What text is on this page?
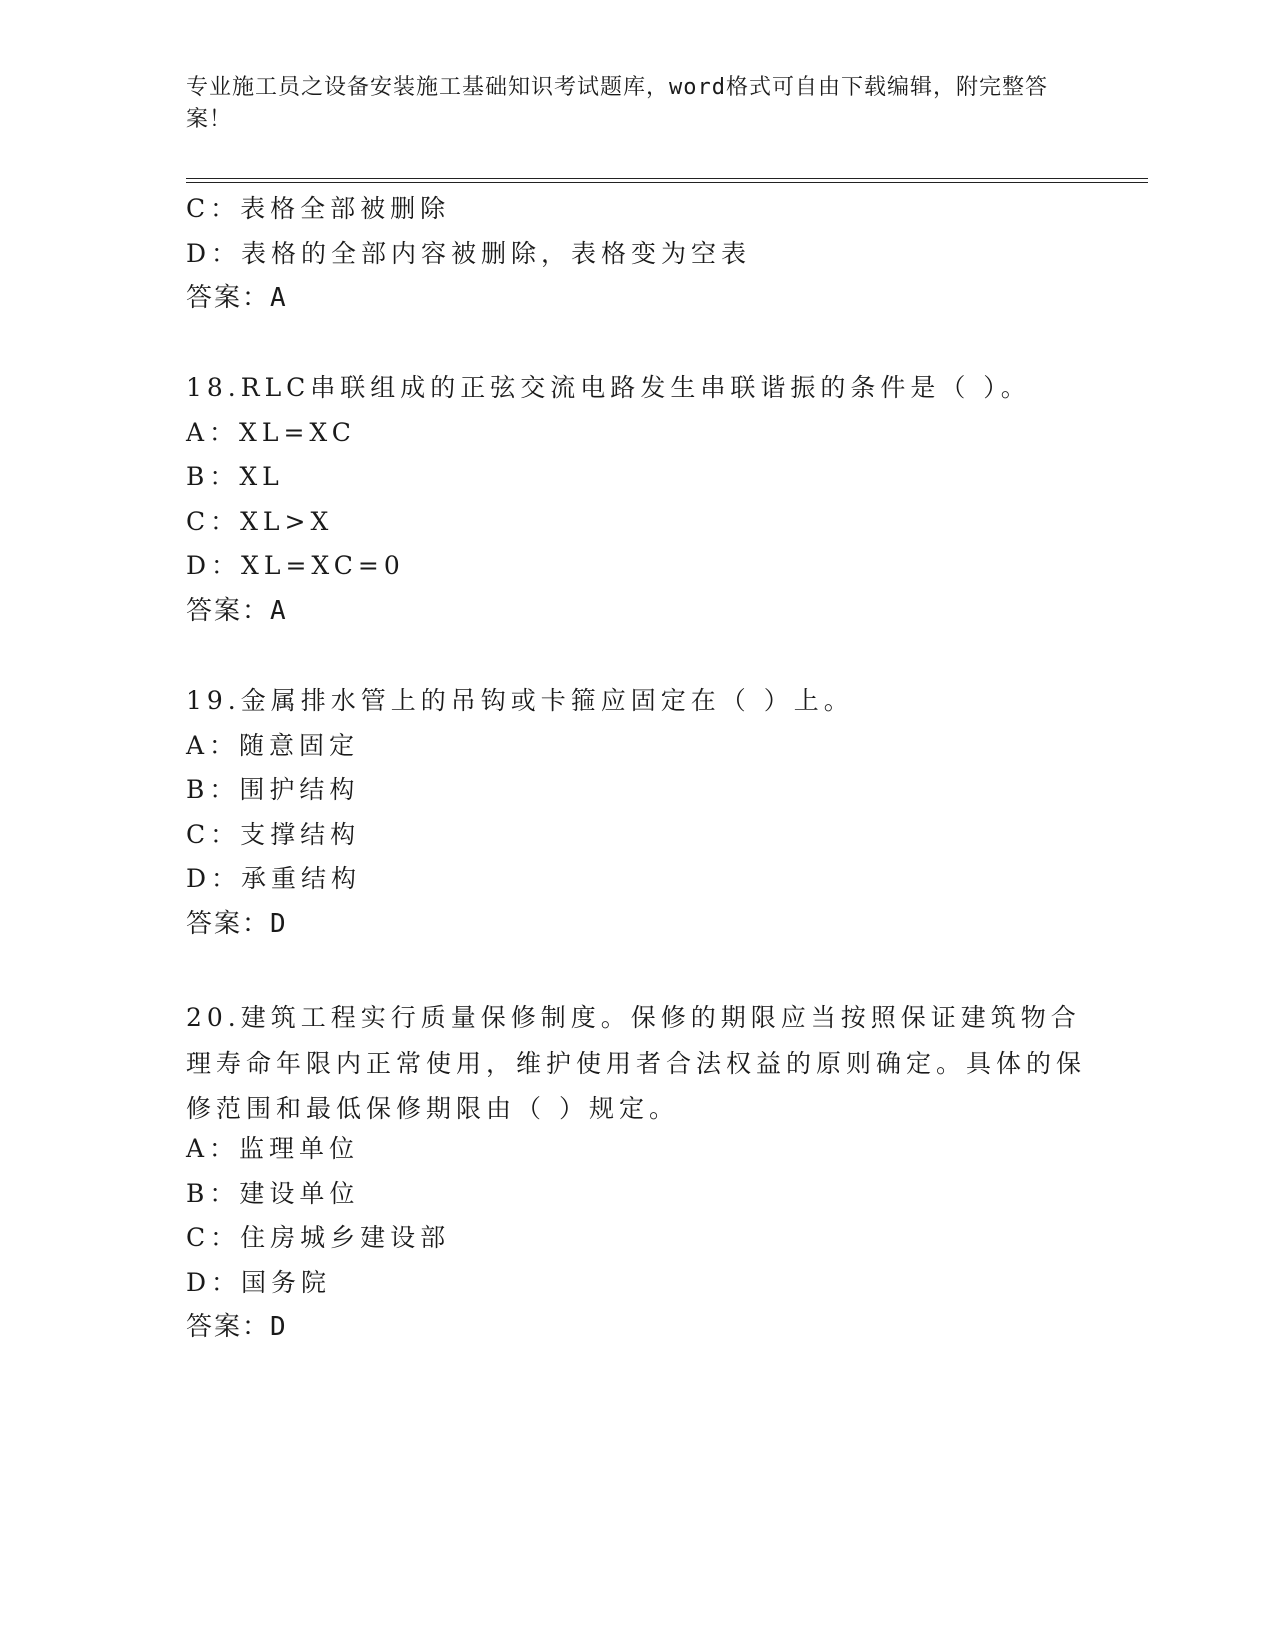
专业施工员之设备安装施工基础知识考试题库，word格式可自由下载编辑，附完整答案！
C：表格全部被删除
D：表格的全部内容被删除，表格变为空表
答案：A
18.RLC串联组成的正弦交流电路发生串联谐振的条件是（ ）。
A：XL=XC
B：XL
C：XL>X
D：XL=XC=0
答案：A
19.金属排水管上的吊钩或卡箍应固定在（ ）上。
A：随意固定
B：围护结构
C：支撑结构
D：承重结构
答案：D
20.建筑工程实行质量保修制度。保修的期限应当按照保证建筑物合理寿命年限内正常使用，维护使用者合法权益的原则确定。具体的保修范围和最低保修期限由（ ）规定。
A：监理单位
B：建设单位
C：住房城乡建设部
D：国务院
答案：D
